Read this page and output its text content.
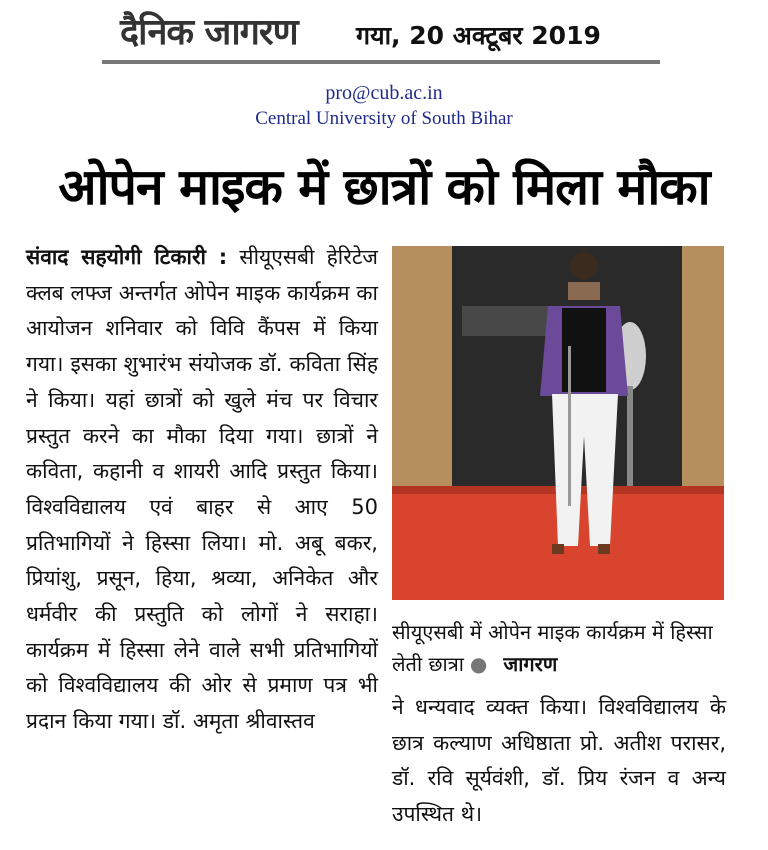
दैनिक जागरण गया, 20 अक्टूबर 2019
pro@cub.ac.in
Central University of South Bihar
ओपेन माइक में छात्रों को मिला मौका
संवाद सहयोगी टिकारी : सीयूएसबी हेरिटेज क्लब लफ्ज अन्तर्गत ओपेन माइक कार्यक्रम का आयोजन शनिवार को विवि कैंपस में किया गया। इसका शुभारंभ संयोजक डॉ. कविता सिंह ने किया। यहां छात्रों को खुले मंच पर विचार प्रस्तुत करने का मौका दिया गया। छात्रों ने कविता, कहानी व शायरी आदि प्रस्तुत किया। विश्वविद्यालय एवं बाहर से आए 50 प्रतिभागियों ने हिस्सा लिया। मो. अबू बकर, प्रियांशु, प्रसून, हिया, श्रव्या, अनिकेत और धर्मवीर की प्रस्तुति को लोगों ने सराहा। कार्यक्रम में हिस्सा लेने वाले सभी प्रतिभागियों को विश्वविद्यालय की ओर से प्रमाण पत्र भी प्रदान किया गया। डॉ. अमृता श्रीवास्तव
सीयूएसबी में ओपेन माइक कार्यक्रम में हिस्सा लेती छात्रा ● जागरण
ने धन्यवाद व्यक्त किया। विश्वविद्यालय के छात्र कल्याण अधिष्ठाता प्रो. अतीश परासर, डॉ. रवि सूर्यवंशी, डॉ. प्रिय रंजन व अन्य उपस्थित थे।
